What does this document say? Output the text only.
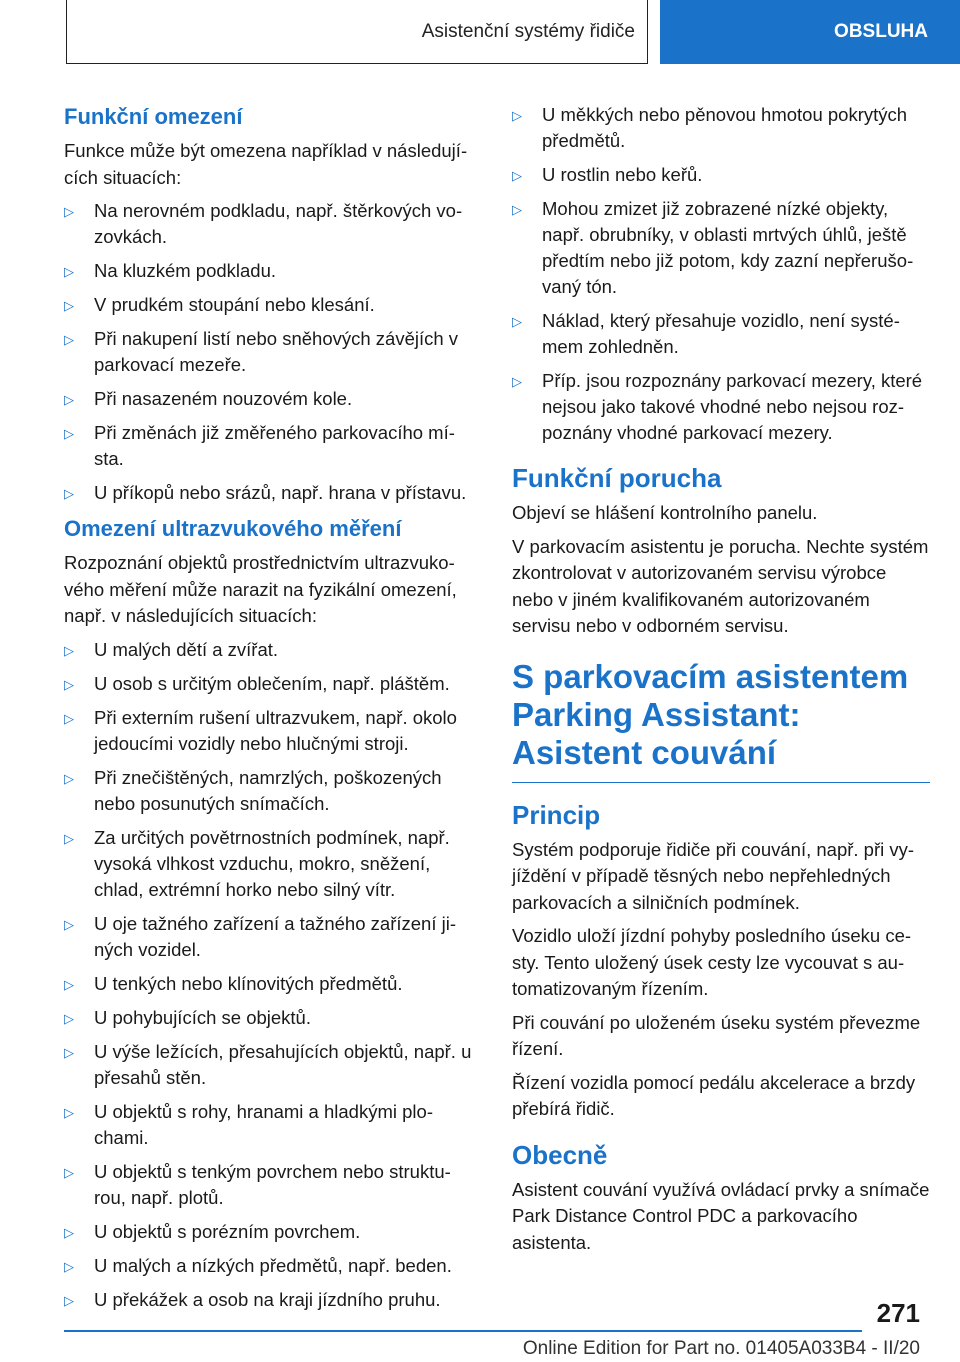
Asistenční systémy řidiče	OBSLUHA
Funkční omezení

Funkce může být omezena například v následujících situacích:

▷ Na nerovném podkladu, např. štěrkových vozovkách.
▷ Na kluzkém podkladu.
▷ V prudkém stoupání nebo klesání.
▷ Při nakupení listí nebo sněhových závějích v parkovací mezeře.
▷ Při nasazeném nouzovém kole.
▷ Při změnách již změřeného parkovacího místa.
▷ U příkopů nebo srázů, např. hrana v přístavu.
Omezení ultrazvukového měření

Rozpoznání objektů prostřednictvím ultrazvukového měření může narazit na fyzikální omezení, např. v následujících situacích:

▷ U malých dětí a zvířat.
▷ U osob s určitým oblečením, např. pláštěm.
▷ Při externím rušení ultrazvukem, např. okolo jedoucími vozidly nebo hlučnými stroji.
▷ Při znečištěných, namrzlých, poškozených nebo posunutých snímačích.
▷ Za určitých povětrnostních podmínek, např. vysoká vlhkost vzduchu, mokro, sněžení, chlad, extrémní horko nebo silný vítr.
▷ U oje tažného zařízení a tažného zařízení jiných vozidel.
▷ U tenkých nebo klínovitých předmětů.
▷ U pohybujících se objektů.
▷ U výše ležících, přesahujících objektů, např. u přesahů stěn.
▷ U objektů s rohy, hranami a hladkými plochami.
▷ U objektů s tenkým povrchem nebo strukturou, např. plotů.
▷ U objektů s porézním povrchem.
▷ U malých a nízkých předmětů, např. beden.
▷ U překážek a osob na kraji jízdního pruhu.
▷ U měkkých nebo pěnovou hmotou pokrytých předmětů.
▷ U rostlin nebo keřů.
▷ Mohou zmizet již zobrazené nízké objekty, např. obrubníky, v oblasti mrtvých úhlů, ještě předtím nebo již potom, kdy zazní nepřerušovaný tón.
▷ Náklad, který přesahuje vozidlo, není systémem zohledněn.
▷ Příp. jsou rozpoznány parkovací mezery, které nejsou jako takové vhodné nebo nejsou rozpoznány vhodné parkovací mezery.
Funkční porucha

Objeví se hlášení kontrolního panelu.

V parkovacím asistentu je porucha. Nechte systém zkontrolovat v autorizovaném servisu výrobce nebo v jiném kvalifikovaném autorizovaném servisu nebo v odborném servisu.

S parkovacím asistentem Parking Assistant: Asistent couvání
Princip

Systém podporuje řidiče při couvání, např. při vyjíždění v případě těsných nebo nepřehledných parkovacích a silničních podmínek.

Vozidlo uloží jízdní pohyby posledního úseku cesty. Tento uložený úsek cesty lze vycouvat s automatizovaným řízením.

Při couvání po uloženém úseku systém převezme řízení.

Řízení vozidla pomocí pedálu akcelerace a brzdy přebírá řidič.

Obecně

Asistent couvání využívá ovládací prvky a snímače Park Distance Control PDC a parkovacího asistenta.

271
Online Edition for Part no. 01405A033B4 - II/20
